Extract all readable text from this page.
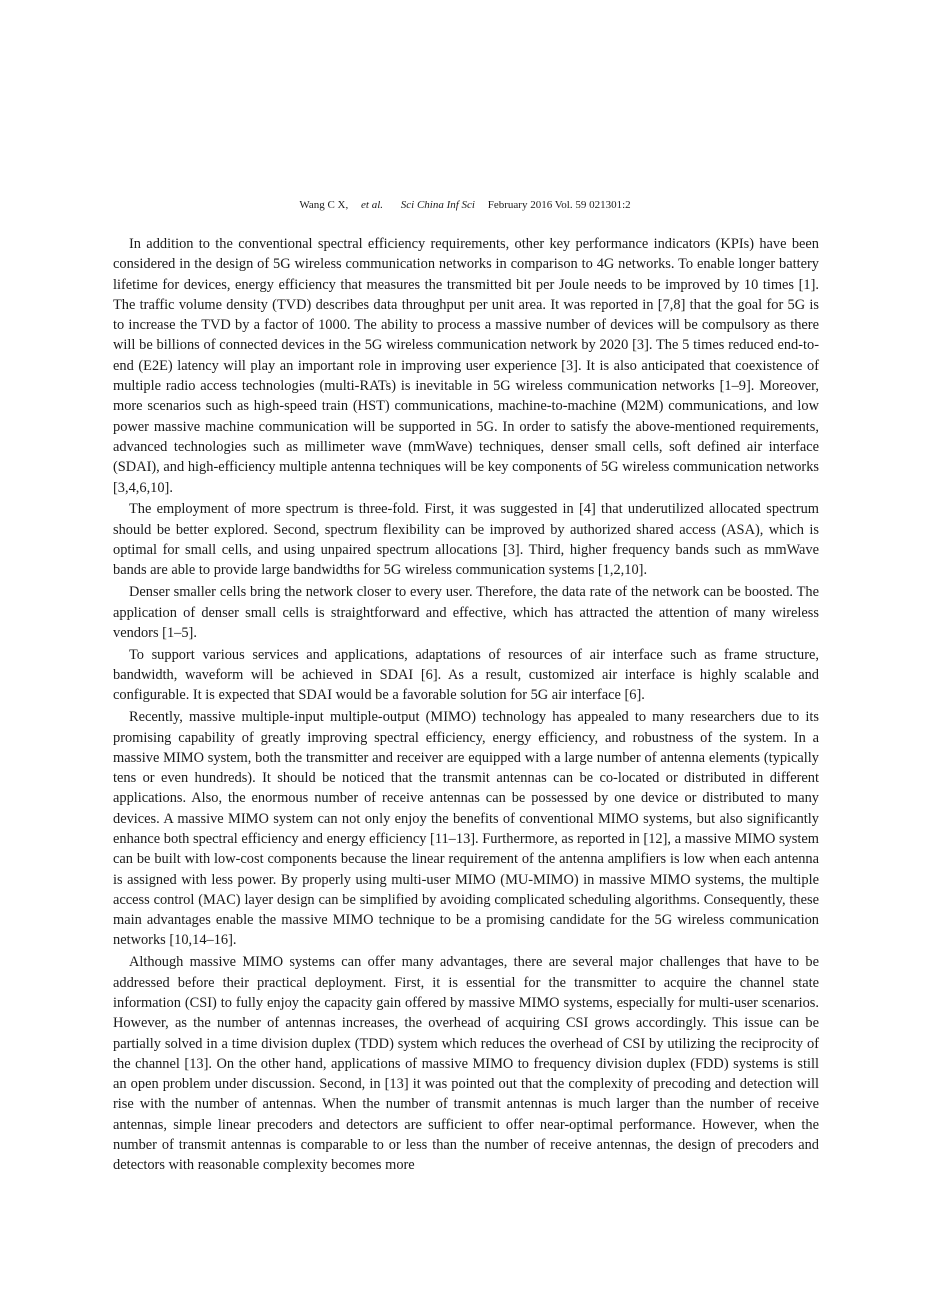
Wang C X, et al. Sci China Inf Sci February 2016 Vol. 59 021301:2

In addition to the conventional spectral efficiency requirements, other key performance indicators (KPIs) have been considered in the design of 5G wireless communication networks in comparison to 4G networks. To enable longer battery lifetime for devices, energy efficiency that measures the transmitted bit per Joule needs to be improved by 10 times [1]. The traffic volume density (TVD) describes data throughput per unit area. It was reported in [7,8] that the goal for 5G is to increase the TVD by a factor of 1000. The ability to process a massive number of devices will be compulsory as there will be billions of connected devices in the 5G wireless communication network by 2020 [3]. The 5 times reduced end-to-end (E2E) latency will play an important role in improving user experience [3]. It is also anticipated that coexistence of multiple radio access technologies (multi-RATs) is inevitable in 5G wireless communication networks [1–9]. Moreover, more scenarios such as high-speed train (HST) communications, machine-to-machine (M2M) communications, and low power massive machine communication will be supported in 5G. In order to satisfy the above-mentioned requirements, advanced technologies such as millimeter wave (mmWave) techniques, denser small cells, soft defined air interface (SDAI), and high-efficiency multiple antenna techniques will be key components of 5G wireless communication networks [3,4,6,10].

The employment of more spectrum is three-fold. First, it was suggested in [4] that underutilized allocated spectrum should be better explored. Second, spectrum flexibility can be improved by authorized shared access (ASA), which is optimal for small cells, and using unpaired spectrum allocations [3]. Third, higher frequency bands such as mmWave bands are able to provide large bandwidths for 5G wireless communication systems [1,2,10].

Denser smaller cells bring the network closer to every user. Therefore, the data rate of the network can be boosted. The application of denser small cells is straightforward and effective, which has attracted the attention of many wireless vendors [1–5].

To support various services and applications, adaptations of resources of air interface such as frame structure, bandwidth, waveform will be achieved in SDAI [6]. As a result, customized air interface is highly scalable and configurable. It is expected that SDAI would be a favorable solution for 5G air interface [6].

Recently, massive multiple-input multiple-output (MIMO) technology has appealed to many researchers due to its promising capability of greatly improving spectral efficiency, energy efficiency, and robustness of the system. In a massive MIMO system, both the transmitter and receiver are equipped with a large number of antenna elements (typically tens or even hundreds). It should be noticed that the transmit antennas can be co-located or distributed in different applications. Also, the enormous number of receive antennas can be possessed by one device or distributed to many devices. A massive MIMO system can not only enjoy the benefits of conventional MIMO systems, but also significantly enhance both spectral efficiency and energy efficiency [11–13]. Furthermore, as reported in [12], a massive MIMO system can be built with low-cost components because the linear requirement of the antenna amplifiers is low when each antenna is assigned with less power. By properly using multi-user MIMO (MU-MIMO) in massive MIMO systems, the multiple access control (MAC) layer design can be simplified by avoiding complicated scheduling algorithms. Consequently, these main advantages enable the massive MIMO technique to be a promising candidate for the 5G wireless communication networks [10,14–16].

Although massive MIMO systems can offer many advantages, there are several major challenges that have to be addressed before their practical deployment. First, it is essential for the transmitter to acquire the channel state information (CSI) to fully enjoy the capacity gain offered by massive MIMO systems, especially for multi-user scenarios. However, as the number of antennas increases, the overhead of acquiring CSI grows accordingly. This issue can be partially solved in a time division duplex (TDD) system which reduces the overhead of CSI by utilizing the reciprocity of the channel [13]. On the other hand, applications of massive MIMO to frequency division duplex (FDD) systems is still an open problem under discussion. Second, in [13] it was pointed out that the complexity of precoding and detection will rise with the number of antennas. When the number of transmit antennas is much larger than the number of receive antennas, simple linear precoders and detectors are sufficient to offer near-optimal performance. However, when the number of transmit antennas is comparable to or less than the number of receive antennas, the design of precoders and detectors with reasonable complexity becomes more
